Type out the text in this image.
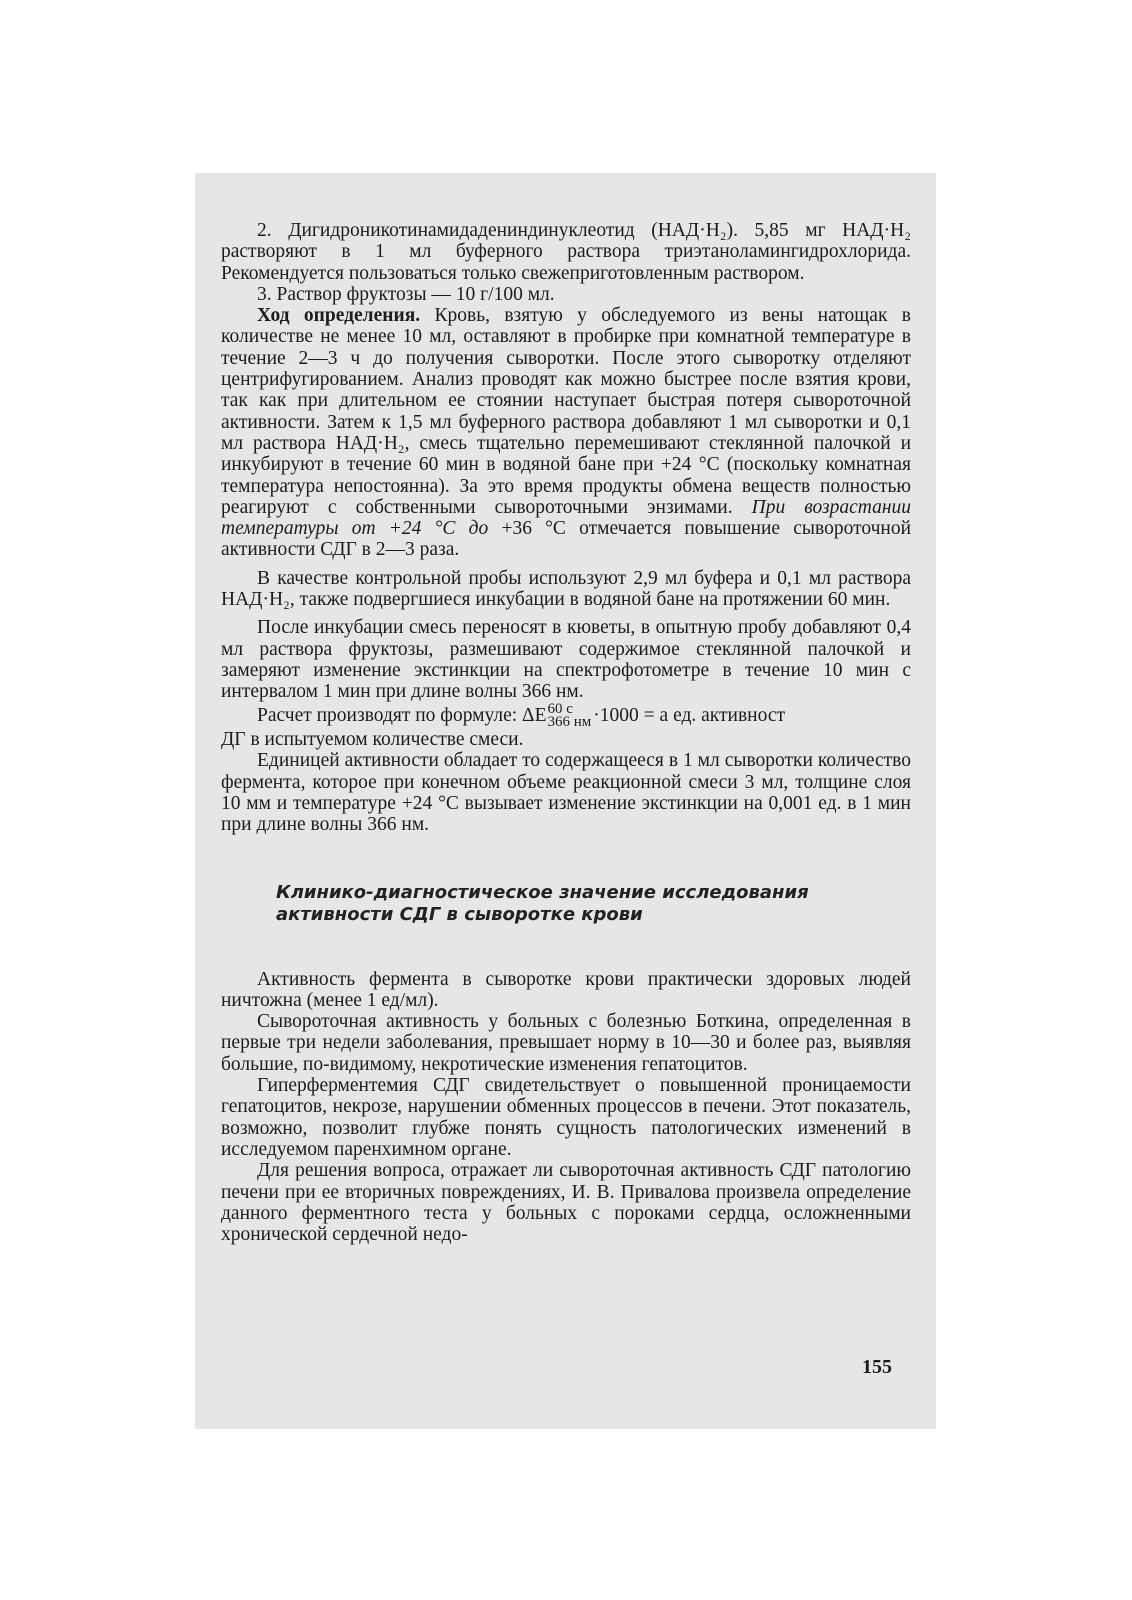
2. Дигидроникотинамидадениндинуклеотид (НАД·H₂). 5,85 мг НАД·H₂ растворяют в 1 мл буферного раствора триэтаноламингидрохлорида. Рекомендуется пользоваться только свежеприготовленным раствором.

3. Раствор фруктозы — 10 г/100 мл.

Ход определения. Кровь, взятую у обследуемого из вены натощак в количестве не менее 10 мл, оставляют в пробирке при комнатной температуре в течение 2—3 ч до получения сыворотки. После этого сыворотку отделяют центрифугированием. Анализ проводят как можно быстрее после взятия крови, так как при длительном ее стоянии наступает быстрая потеря сывороточной активности. Затем к 1,5 мл буферного раствора добавляют 1 мл сыворотки и 0,1 мл раствора НАД·H₂, смесь тщательно перемешивают стеклянной палочкой и инкубируют в течение 60 мин в водяной бане при +24 °С (поскольку комнатная температура непостоянна). За это время продукты обмена веществ полностью реагируют с собственными сывороточными энзимами. При возрастании температуры от +24 °С до +36 °С отмечается повышение сывороточной активности СДГ в 2—3 раза.

В качестве контрольной пробы используют 2,9 мл буфера и 0,1 мл раствора НАД·H₂, также подвергшиеся инкубации в водяной бане на протяжении 60 мин.

После инкубации смесь переносят в кюветы, в опытную пробу добавляют 0,4 мл раствора фруктозы, размешивают содержимое стеклянной палочкой и замеряют изменение экстинкции на спектрофотометре в течение 10 мин с интервалом 1 мин при длине волны 366 нм.

Расчет производят по формуле: ΔE 60 с
366 нм ·1000 = а ед. активност

ДГ в испытуемом количестве смеси.

Единицей активности обладает то содержащееся в 1 мл сыворотки количество фермента, которое при конечном объеме реакционной смеси 3 мл, толщине слоя 10 мм и температуре +24 °С вызывает изменение экстинкции на 0,001 ед. в 1 мин при длине волны 366 нм.

Клинико-диагностическое значение исследования
активности СДГ в сыворотке крови

Активность фермента в сыворотке крови практически здоровых людей ничтожна (менее 1 ед/мл).

Сывороточная активность у больных с болезнью Боткина, определенная в первые три недели заболевания, превышает норму в 10—30 и более раз, выявляя большие, по-видимому, некротические изменения гепатоцитов.

Гиперферментемия СДГ свидетельствует о повышенной проницаемости гепатоцитов, некрозе, нарушении обменных процессов в печени. Этот показатель, возможно, позволит глубже понять сущность патологических изменений в исследуемом паренхимном органе.

Для решения вопроса, отражает ли сывороточная активность СДГ патологию печени при ее вторичных повреждениях, И. В. Привалова произвела определение данного ферментного теста у больных с пороками сердца, осложненными хронической сердечной недо-

155
